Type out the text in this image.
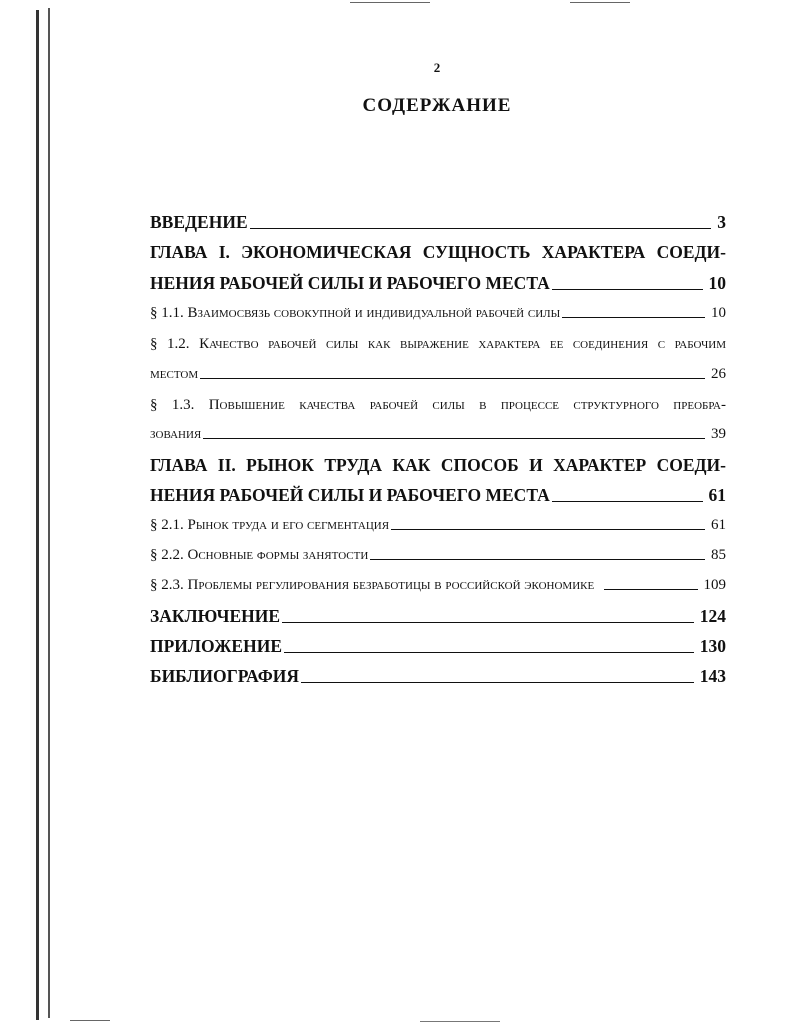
2
СОДЕРЖАНИЕ
ВВЕДЕНИЕ	3
ГЛАВА I. ЭКОНОМИЧЕСКАЯ СУЩНОСТЬ ХАРАКТЕРА СОЕДИ-
НЕНИЯ РАБОЧЕЙ СИЛЫ И РАБОЧЕГО МЕСТА	10
§ 1.1. Взаимосвязь совокупной и индивидуальной рабочей силы	10
§ 1.2. Качество рабочей силы как выражение характера ее соединения с рабочим
местом	26
§ 1.3. Повышение качества рабочей силы в процессе структурного преобра-
зования	39
ГЛАВА II. РЫНОК ТРУДА КАК СПОСОБ И ХАРАКТЕР СОЕДИ-
НЕНИЯ РАБОЧЕЙ СИЛЫ И РАБОЧЕГО МЕСТА	61
§ 2.1. Рынок труда и его сегментация	61
§ 2.2. Основные формы занятости	85
§ 2.3. Проблемы регулирования безработицы в российской экономике	109
ЗАКЛЮЧЕНИЕ	124
ПРИЛОЖЕНИЕ	130
БИБЛИОГРАФИЯ	143
